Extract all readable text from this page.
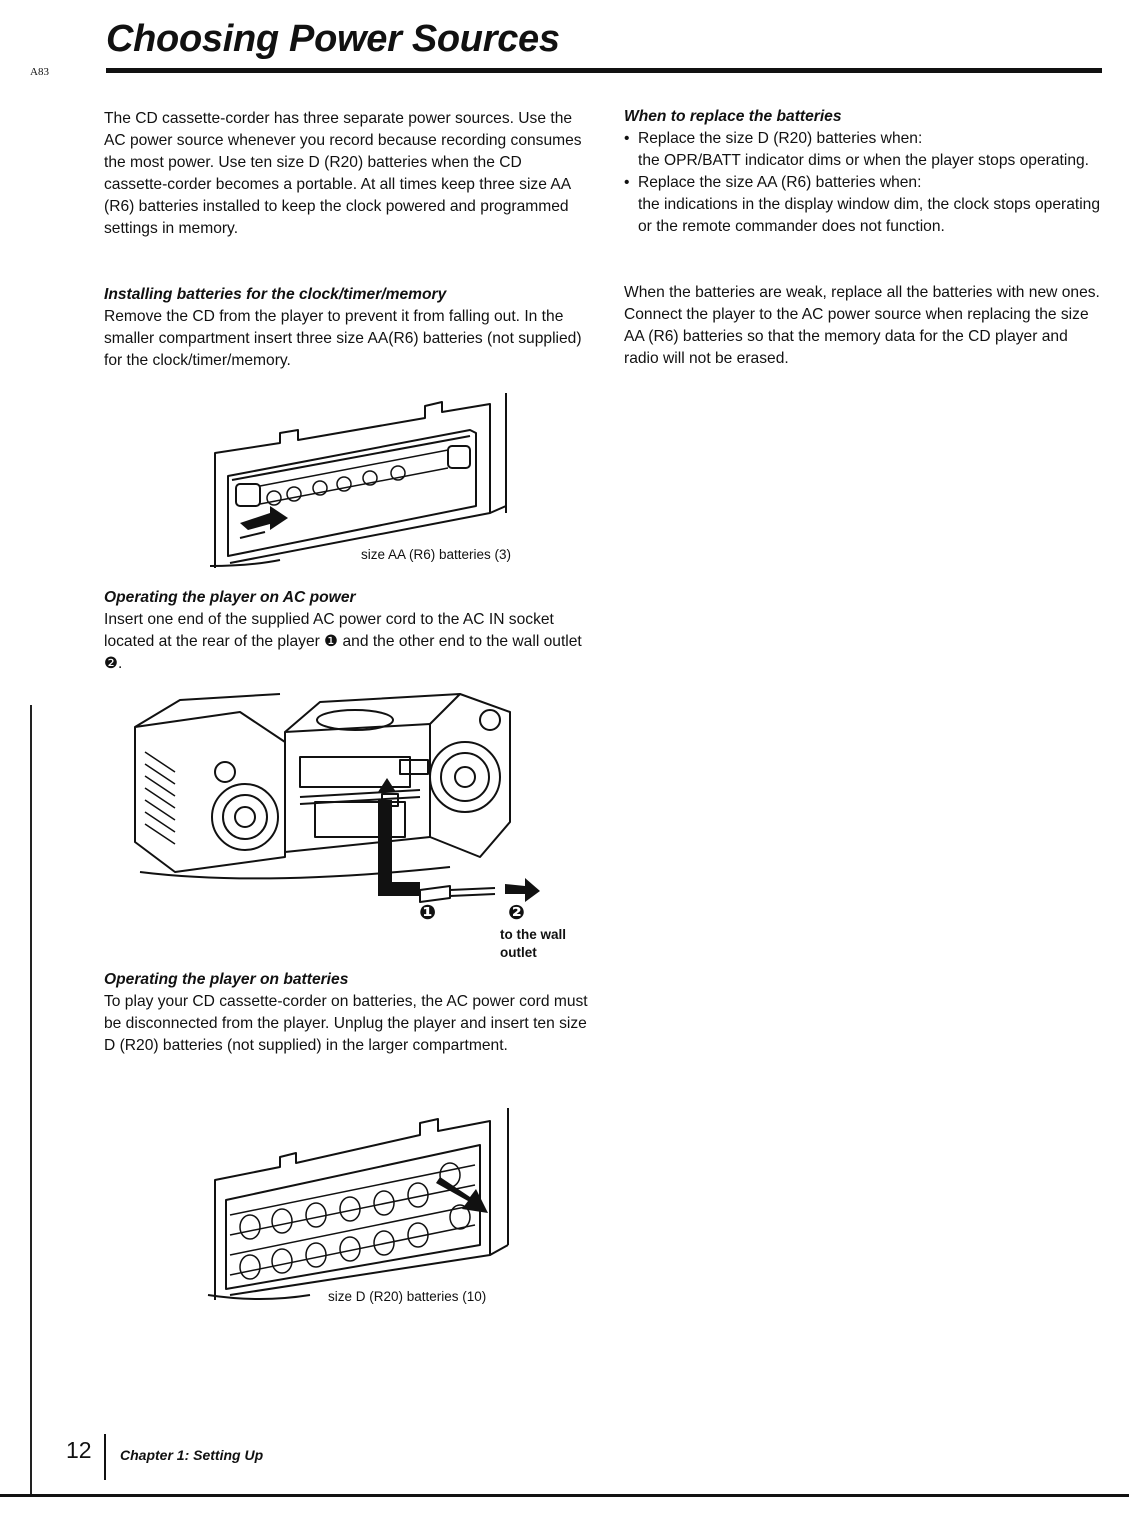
A83
Choosing Power Sources

The CD cassette-corder has three separate power sources. Use the AC power source whenever you record because recording consumes the most power. Use ten size D (R20) batteries when the CD cassette-corder becomes a portable. At all times keep three size AA (R6) batteries installed to keep the clock powered and programmed settings in memory.

Installing batteries for the clock/timer/memory

Remove the CD from the player to prevent it from falling out. In the smaller compartment insert three size AA(R6) batteries (not supplied) for the clock/timer/memory.

size AA (R6) batteries (3)

Operating the player on AC power

Insert one end of the supplied AC power cord to the AC IN socket located at the rear of the player ❶ and the other end to the wall outlet ❷.

❶	❷
to the wall outlet

Operating the player on batteries

To play your CD cassette-corder on batteries, the AC power cord must be disconnected from the player. Unplug the player and insert ten size D (R20) batteries (not supplied) in the larger compartment.

size D (R20) batteries (10)

When to replace the batteries

• Replace the size D (R20) batteries when:
the OPR/BATT indicator dims or when the player stops operating.
• Replace the size AA (R6) batteries when:
the indications in the display window dim, the clock stops operating or the remote commander does not function.

When the batteries are weak, replace all the batteries with new ones. Connect the player to the AC power source when replacing the size AA (R6) batteries so that the memory data for the CD player and radio will not be erased.

12 Chapter 1: Setting Up
